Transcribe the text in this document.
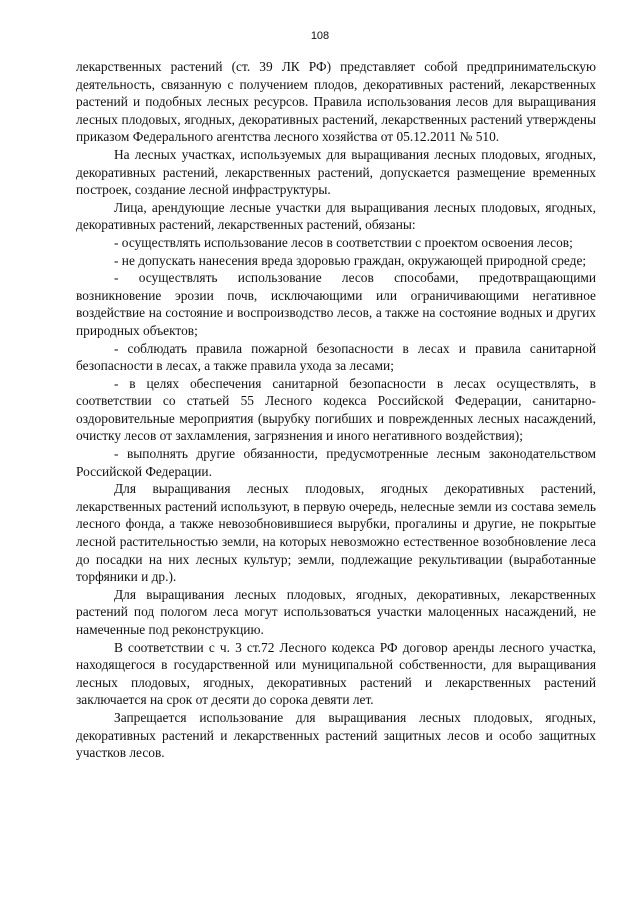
108

лекарственных растений (ст. 39 ЛК РФ) представляет собой предпринимательскую деятельность, связанную с получением плодов, декоративных растений, лекарственных растений и подобных лесных ресурсов. Правила использования лесов для выращивания лесных плодовых, ягодных, декоративных растений, лекарственных растений утверждены приказом Федерального агентства лесного хозяйства от 05.12.2011 № 510.

На лесных участках, используемых для выращивания лесных плодовых, ягодных, декоративных растений, лекарственных растений, допускается размещение временных построек, создание лесной инфраструктуры.

Лица, арендующие лесные участки для выращивания лесных плодовых, ягодных, декоративных растений, лекарственных растений, обязаны:

- осуществлять использование лесов в соответствии с проектом освоения лесов;

- не допускать нанесения вреда здоровью граждан, окружающей природной среде;

- осуществлять использование лесов способами, предотвращающими возникновение эрозии почв, исключающими или ограничивающими негативное воздействие на состояние и воспроизводство лесов, а также на состояние водных и других природных объектов;

- соблюдать правила пожарной безопасности в лесах и правила санитарной безопасности в лесах, а также правила ухода за лесами;

- в целях обеспечения санитарной безопасности в лесах осуществлять, в соответствии со статьей 55 Лесного кодекса Российской Федерации, санитарно-оздоровительные мероприятия (вырубку погибших и поврежденных лесных насаждений, очистку лесов от захламления, загрязнения и иного негативного воздействия);

- выполнять другие обязанности, предусмотренные лесным законодательством Российской Федерации.

Для выращивания лесных плодовых, ягодных декоративных растений, лекарственных растений используют, в первую очередь, нелесные земли из состава земель лесного фонда, а также невозобновившиеся вырубки, прогалины и другие, не покрытые лесной растительностью земли, на которых невозможно естественное возобновление леса до посадки на них лесных культур; земли, подлежащие рекультивации (выработанные торфяники и др.).

Для выращивания лесных плодовых, ягодных, декоративных, лекарственных растений под пологом леса могут использоваться участки малоценных насаждений, не намеченные под реконструкцию.

В соответствии с ч. 3 ст.72 Лесного кодекса РФ договор аренды лесного участка, находящегося в государственной или муниципальной собственности, для выращивания лесных плодовых, ягодных, декоративных растений и лекарственных растений заключается на срок от десяти до сорока девяти лет.

Запрещается использование для выращивания лесных плодовых, ягодных, декоративных растений и лекарственных растений защитных лесов и особо защитных участков лесов.
